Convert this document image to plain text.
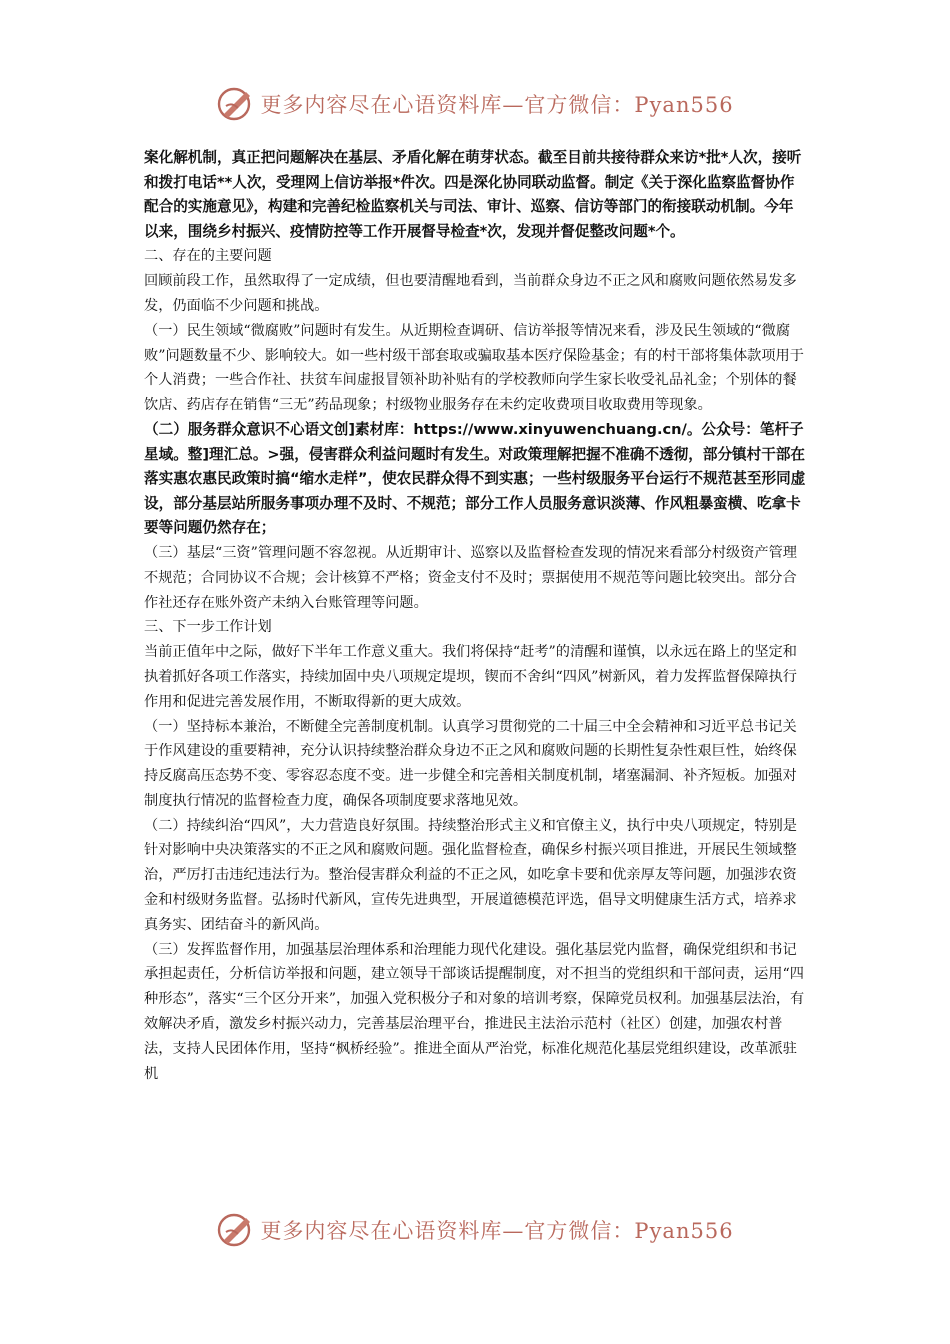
更多内容尽在心语资料库—官方微信：Pyan556

案化解机制，真正把问题解决在基层、矛盾化解在萌芽状态。截至目前共接待群众来访*批*人次，接听和拨打电话**人次，受理网上信访举报*件次。四是深化协同联动监督。制定《关于深化监察监督协作配合的实施意见》，构建和完善纪检监察机关与司法、审计、巡察、信访等部门的衔接联动机制。今年以来，围绕乡村振兴、疫情防控等工作开展督导检查*次，发现并督促整改问题*个。

二、存在的主要问题

回顾前段工作，虽然取得了一定成绩，但也要清醒地看到，当前群众身边不正之风和腐败问题依然易发多发，仍面临不少问题和挑战。

（一）民生领域“微腐败”问题时有发生。从近期检查调研、信访举报等情况来看，涉及民生领域的“微腐败”问题数量不少、影响较大。如一些村级干部套取或骗取基本医疗保险基金；有的村干部将集体款项用于个人消费；一些合作社、扶贫车间虚报冒领补助补贴有的学校教师向学生家长收受礼品礼金；个别体的餐饮店、药店存在销售“三无”药品现象；村级物业服务存在未约定收费项目收取费用等现象。

（二）服务群众意识不心语文创]素材库：https://www.xinyuwenchuang.cn/。公众号：笔杆子星域。整]理汇总。>强，侵害群众利益问题时有发生。对政策理解把握不准确不透彻，部分镇村干部在落实惠农惠民政策时搞“缩水走样”，使农民群众得不到实惠；一些村级服务平台运行不规范甚至形同虚设，部分基层站所服务事项办理不及时、不规范；部分工作人员服务意识淡薄、作风粗暴蛮横、吃拿卡要等问题仍然存在；

（三）基层“三资”管理问题不容忽视。从近期审计、巡察以及监督检查发现的情况来看部分村级资产管理不规范；合同协议不合规；会计核算不严格；资金支付不及时；票据使用不规范等问题比较突出。部分合作社还存在账外资产未纳入台账管理等问题。

三、下一步工作计划

当前正值年中之际，做好下半年工作意义重大。我们将保持“赶考”的清醒和谨慎，以永远在路上的坚定和执着抓好各项工作落实，持续加固中央八项规定堤坝，锲而不舍纠“四风”树新风，着力发挥监督保障执行作用和促进完善发展作用，不断取得新的更大成效。

（一）坚持标本兼治，不断健全完善制度机制。认真学习贯彻党的二十届三中全会精神和习近平总书记关于作风建设的重要精神，充分认识持续整治群众身边不正之风和腐败问题的长期性复杂性艰巨性，始终保持反腐高压态势不变、零容忍态度不变。进一步健全和完善相关制度机制，堵塞漏洞、补齐短板。加强对制度执行情况的监督检查力度，确保各项制度要求落地见效。

（二）持续纠治“四风”，大力营造良好氛围。持续整治形式主义和官僚主义，执行中央八项规定，特别是针对影响中央决策落实的不正之风和腐败问题。强化监督检查，确保乡村振兴项目推进，开展民生领域整治，严厉打击违纪违法行为。整治侵害群众利益的不正之风，如吃拿卡要和优亲厚友等问题，加强涉农资金和村级财务监督。弘扬时代新风，宣传先进典型，开展道德模范评选，倡导文明健康生活方式，培养求真务实、团结奋斗的新风尚。

（三）发挥监督作用，加强基层治理体系和治理能力现代化建设。强化基层党内监督，确保党组织和书记承担起责任，分析信访举报和问题，建立领导干部谈话提醒制度，对不担当的党组织和干部问责，运用“四种形态”，落实“三个区分开来”，加强入党积极分子和对象的培训考察，保障党员权利。加强基层法治，有效解决矛盾，激发乡村振兴动力，完善基层治理平台，推进民主法治示范村（社区）创建，加强农村普法，支持人民团体作用，坚持“枫桥经验”。推进全面从严治党，标准化规范化基层党组织建设，改革派驻机

更多内容尽在心语资料库—官方微信：Pyan556
